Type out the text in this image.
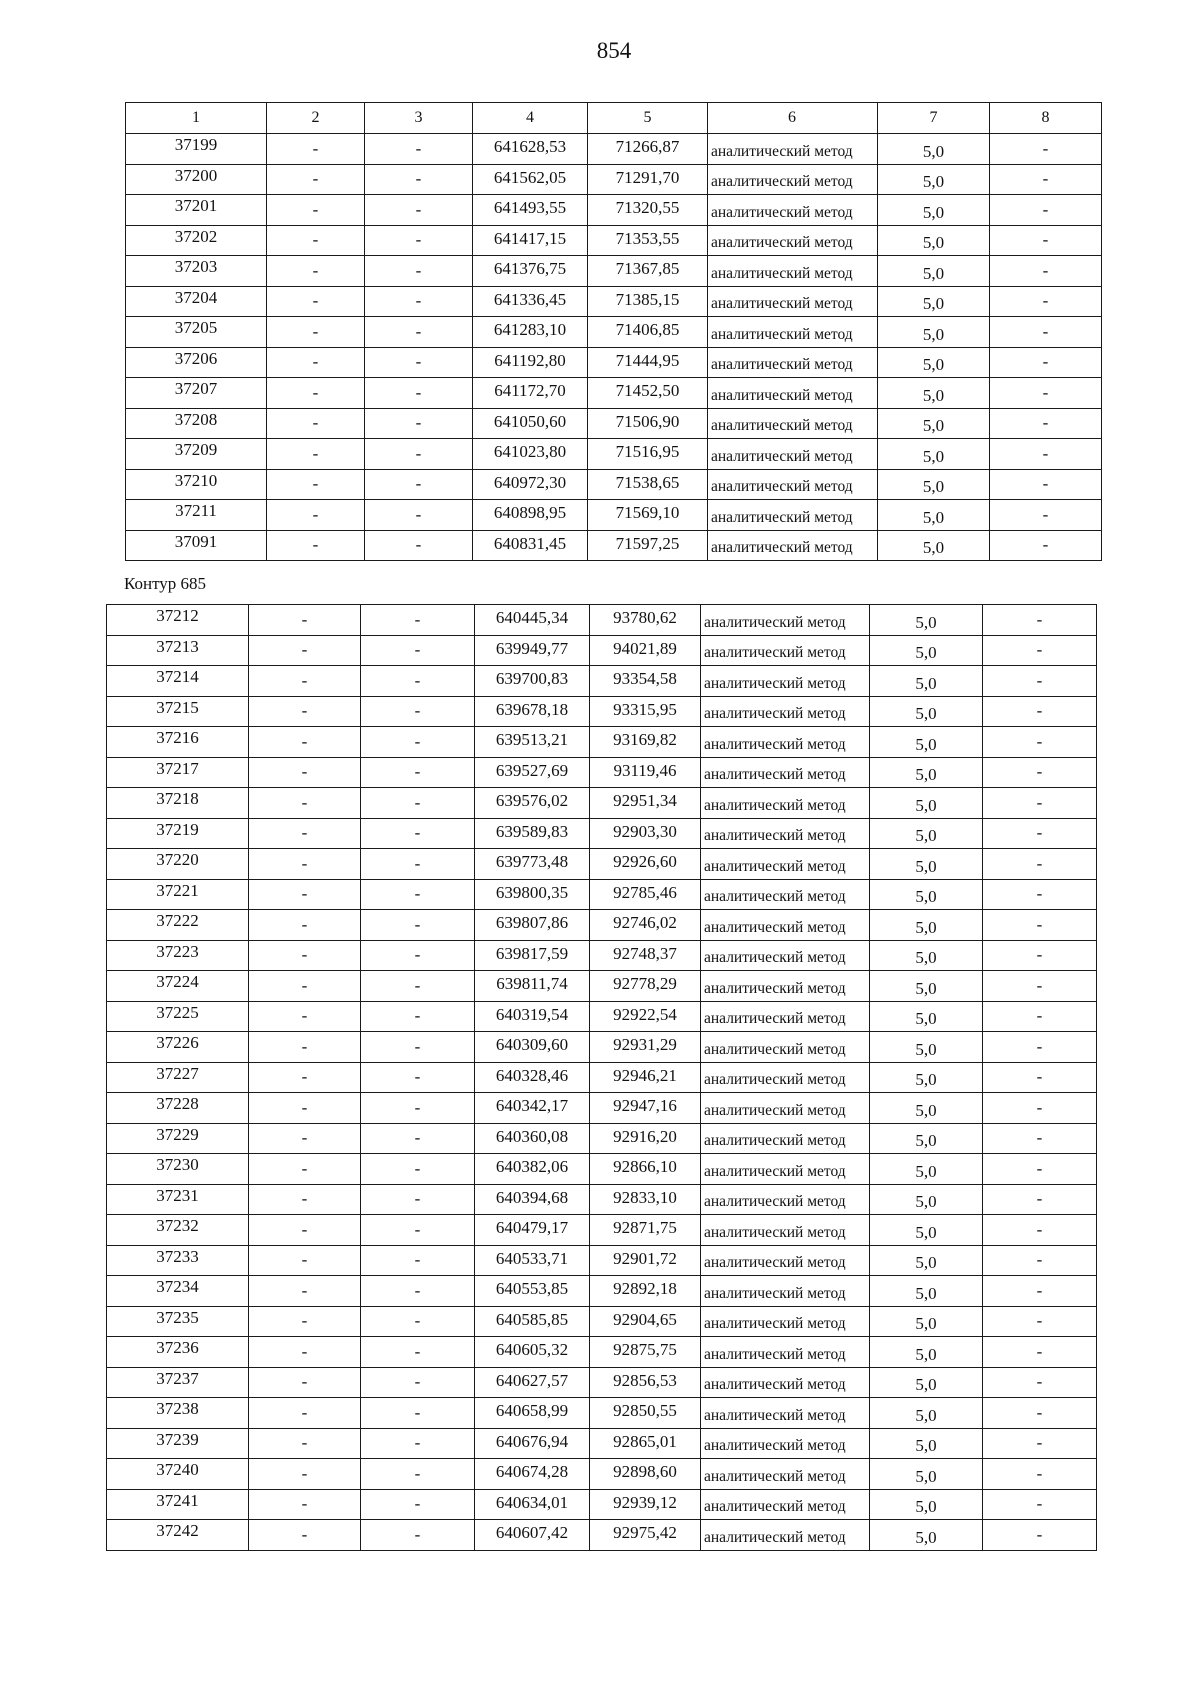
854
1	2	3	4	5	6	7	8
37199	-	-	641628,53	71266,87	аналитический метод	5,0	-
37200	-	-	641562,05	71291,70	аналитический метод	5,0	-
37201	-	-	641493,55	71320,55	аналитический метод	5,0	-
37202	-	-	641417,15	71353,55	аналитический метод	5,0	-
37203	-	-	641376,75	71367,85	аналитический метод	5,0	-
37204	-	-	641336,45	71385,15	аналитический метод	5,0	-
37205	-	-	641283,10	71406,85	аналитический метод	5,0	-
37206	-	-	641192,80	71444,95	аналитический метод	5,0	-
37207	-	-	641172,70	71452,50	аналитический метод	5,0	-
37208	-	-	641050,60	71506,90	аналитический метод	5,0	-
37209	-	-	641023,80	71516,95	аналитический метод	5,0	-
37210	-	-	640972,30	71538,65	аналитический метод	5,0	-
37211	-	-	640898,95	71569,10	аналитический метод	5,0	-
37091	-	-	640831,45	71597,25	аналитический метод	5,0	-
Контур 685
37212	-	-	640445,34	93780,62	аналитический метод	5,0	-
37213	-	-	639949,77	94021,89	аналитический метод	5,0	-
37214	-	-	639700,83	93354,58	аналитический метод	5,0	-
37215	-	-	639678,18	93315,95	аналитический метод	5,0	-
37216	-	-	639513,21	93169,82	аналитический метод	5,0	-
37217	-	-	639527,69	93119,46	аналитический метод	5,0	-
37218	-	-	639576,02	92951,34	аналитический метод	5,0	-
37219	-	-	639589,83	92903,30	аналитический метод	5,0	-
37220	-	-	639773,48	92926,60	аналитический метод	5,0	-
37221	-	-	639800,35	92785,46	аналитический метод	5,0	-
37222	-	-	639807,86	92746,02	аналитический метод	5,0	-
37223	-	-	639817,59	92748,37	аналитический метод	5,0	-
37224	-	-	639811,74	92778,29	аналитический метод	5,0	-
37225	-	-	640319,54	92922,54	аналитический метод	5,0	-
37226	-	-	640309,60	92931,29	аналитический метод	5,0	-
37227	-	-	640328,46	92946,21	аналитический метод	5,0	-
37228	-	-	640342,17	92947,16	аналитический метод	5,0	-
37229	-	-	640360,08	92916,20	аналитический метод	5,0	-
37230	-	-	640382,06	92866,10	аналитический метод	5,0	-
37231	-	-	640394,68	92833,10	аналитический метод	5,0	-
37232	-	-	640479,17	92871,75	аналитический метод	5,0	-
37233	-	-	640533,71	92901,72	аналитический метод	5,0	-
37234	-	-	640553,85	92892,18	аналитический метод	5,0	-
37235	-	-	640585,85	92904,65	аналитический метод	5,0	-
37236	-	-	640605,32	92875,75	аналитический метод	5,0	-
37237	-	-	640627,57	92856,53	аналитический метод	5,0	-
37238	-	-	640658,99	92850,55	аналитический метод	5,0	-
37239	-	-	640676,94	92865,01	аналитический метод	5,0	-
37240	-	-	640674,28	92898,60	аналитический метод	5,0	-
37241	-	-	640634,01	92939,12	аналитический метод	5,0	-
37242	-	-	640607,42	92975,42	аналитический метод	5,0	-
